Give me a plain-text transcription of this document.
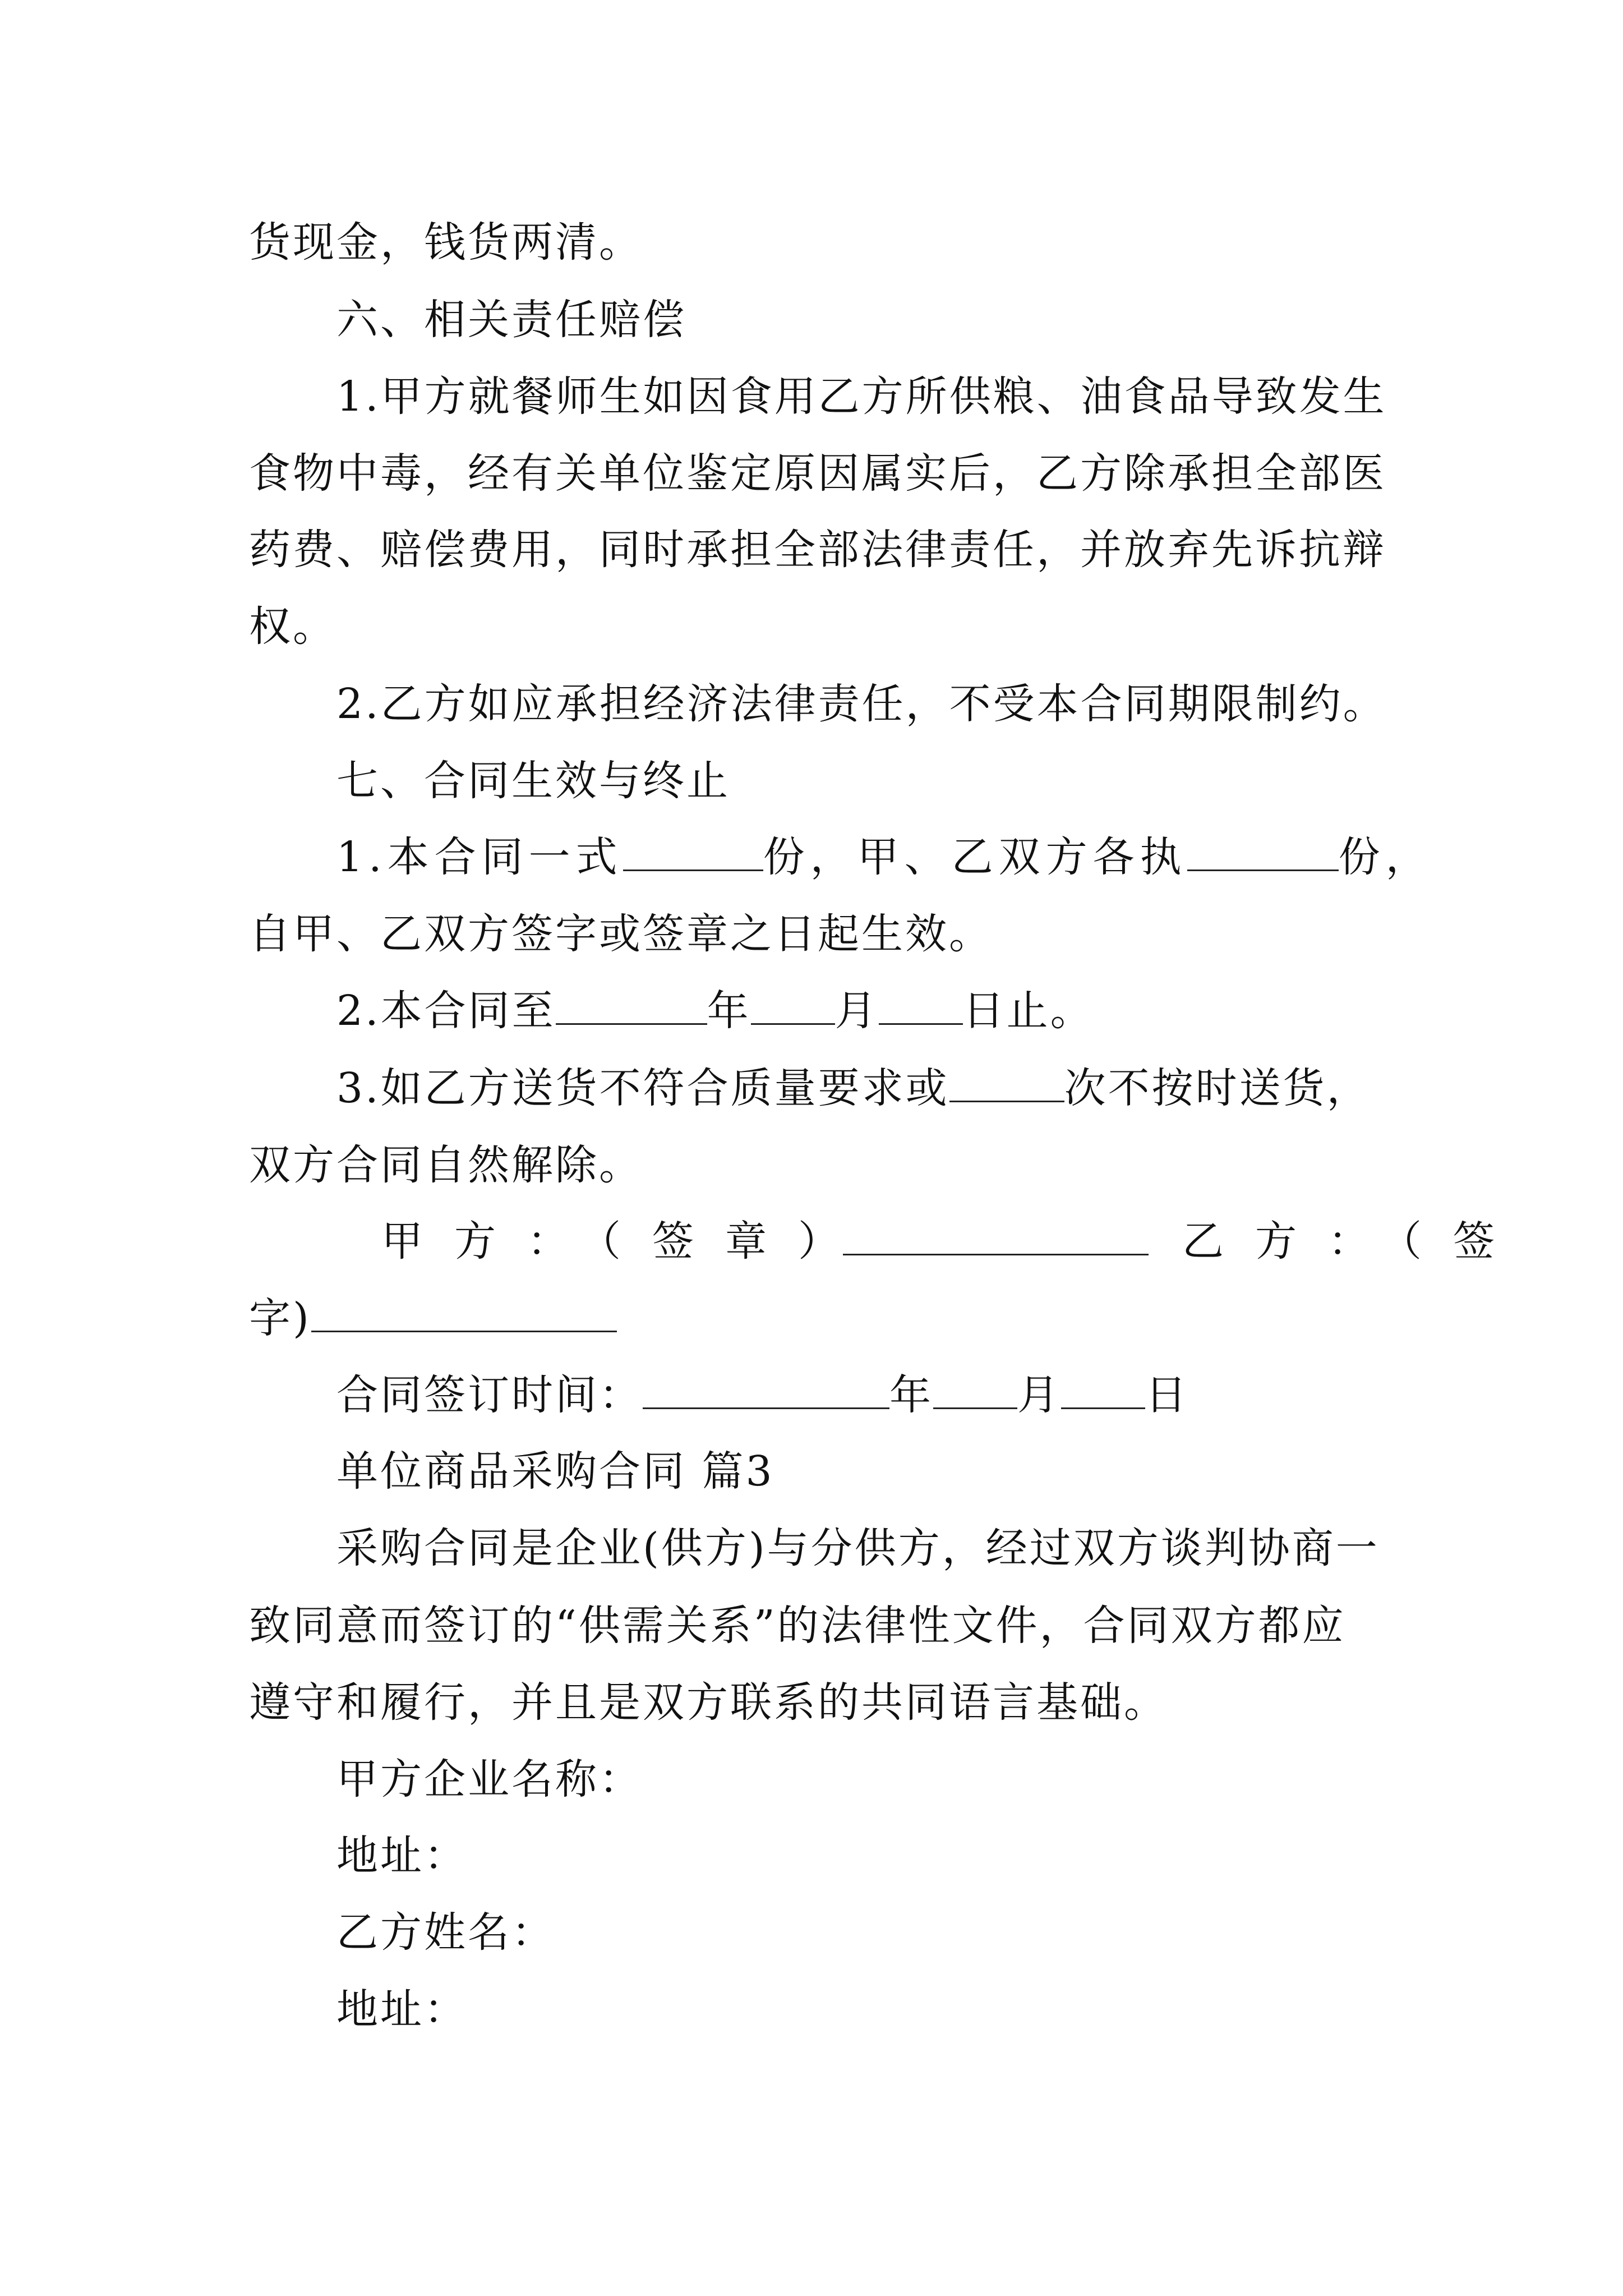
货现金，钱货两清。
六、相关责任赔偿
1.甲方就餐师生如因食用乙方所供粮、油食品导致发生
食物中毒，经有关单位鉴定原因属实后，乙方除承担全部医
药费、赔偿费用，同时承担全部法律责任，并放弃先诉抗辩
权。
2.乙方如应承担经济法律责任，不受本合同期限制约。
七、合同生效与终止
1.本合同一式	份，甲、乙双方各执	份，
自甲、乙双方签字或签章之日起生效。
2.本合同至	年 月 日止。
3.如乙方送货不符合质量要求或	次不按时送货，
双方合同自然解除。
甲方：（签章）	乙方：（签
字)
合同签订时间：	年 月 日
单位商品采购合同 篇3
采购合同是企业(供方)与分供方，经过双方谈判协商一
致同意而签订的“供需关系”的法律性文件，合同双方都应
遵守和履行，并且是双方联系的共同语言基础。
甲方企业名称：
地址：
乙方姓名：
地址：
